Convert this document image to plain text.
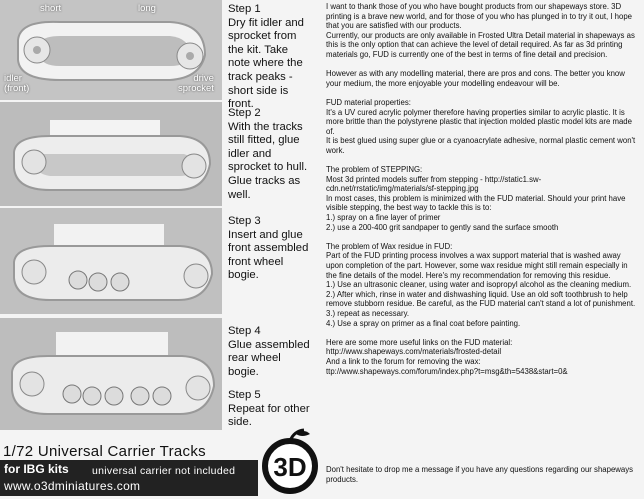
short	long
idler
(front)
drive
sprocket
Step 1
Dry fit idler and sprocket from the kit. Take note where the track peaks - short side is front.
Step 2
With the tracks still fitted, glue idler and sprocket to hull. Glue tracks as well.
Step 3
Insert and glue front assembled front wheel bogie.
Step 4
Glue assembled rear wheel bogie.
Step 5
Repeat for other side.

I want to thank those of you who have bought products from our shapeways store. 3D printing is a brave new world, and for those of you who has plunged in to try it out, I hope that you are satisfied with our products.

Currently, our products are only available in Frosted Ultra Detail material in shapeways as this is the only option that can achieve the level of detail required. As far as 3d printing materials go, FUD is currently one of the best in terms of fine detail and precision.

However as with any modelling material, there are pros and cons. The better you know your medium, the more enjoyable your modelling endeavour will be.

FUD material properties:

It's a UV cured acrylic polymer therefore having properties similar to acrylic plastic. It is more brittle than the polystyrene plastic that injection molded plastic model kits are made of.

It is best glued using super glue or a cyanoacrylate adhesive, normal plastic cement won't work.

The problem of STEPPING:

Most 3d printed models suffer from stepping - http://static1.sw-cdn.net/rrstatic/img/materials/sf-stepping.jpg

In most cases, this problem is minimized with the FUD material. Should your print have visible stepping, the best way to tackle this is to:

1.) spray on a fine layer of primer

2.) use a 200-400 grit sandpaper to gently sand the surface smooth

The problem of Wax residue in FUD:

Part of the FUD printing process involves a wax support material that is washed away upon completion of the part. However, some wax residue might still remain especially in the fine details of the model. Here's my recommendation for removing this residue.

1.) Use an ultrasonic cleaner, using water and isopropyl alcohol as the cleaning medium.

2.) After which, rinse in water and dishwashing liquid. Use an old soft toothbrush to help remove stubborn residue. Be careful, as the FUD material can't stand a lot of punishment.

3.) repeat as necessary.

4.) Use a spray on primer as a final coat before painting.

Here are some more useful links on the FUD material:

http://www.shapeways.com/materials/frosted-detail

And a link to the forum for removing the wax:

ttp://www.shapeways.com/forum/index.php?t=msg&th=5438&start=0&

Don't hesitate to drop me a message if you have any questions regarding our shapeways products.
1/72 Universal Carrier Tracks
for IBG kits universal carrier not included
www.o3dminiatures.com
3D
